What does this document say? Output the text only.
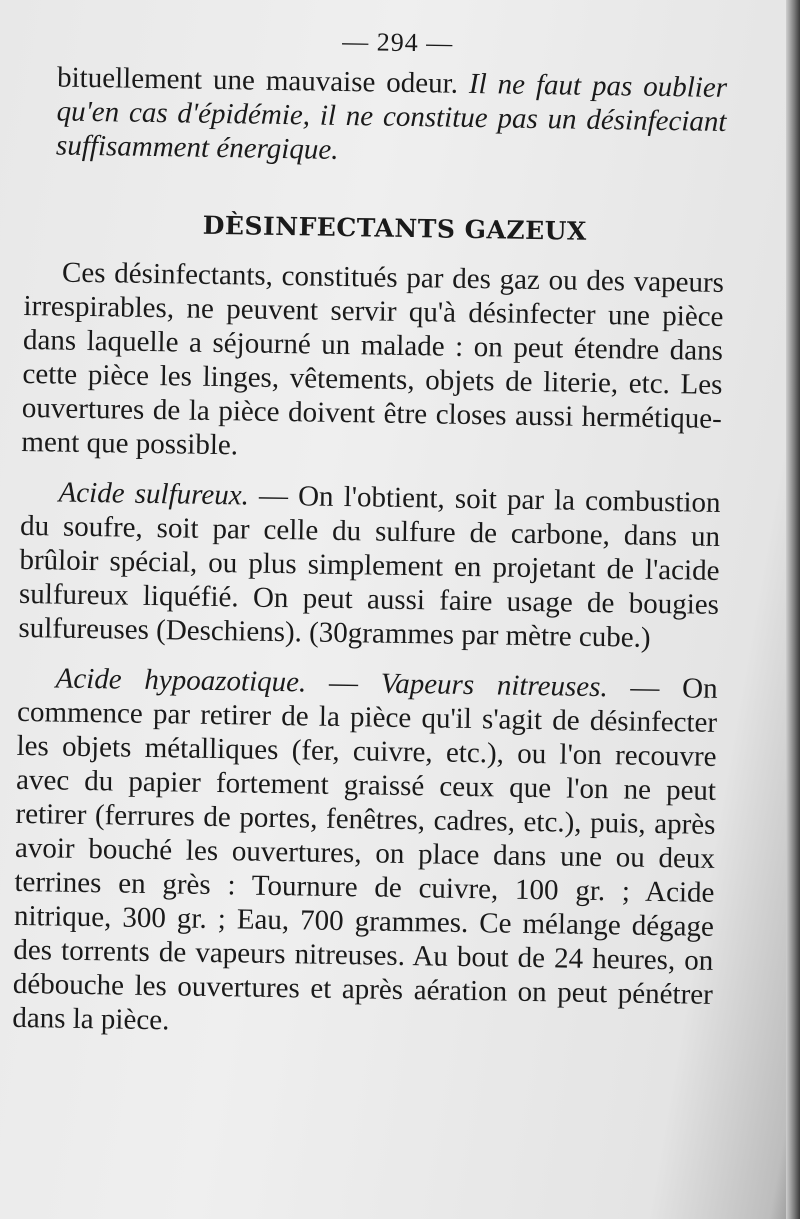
— 294 —

bituellement une mauvaise odeur. Il ne faut pas oublier qu'en cas d'épidémie, il ne constitue pas un désinfeciant suffisamment énergique.

DÈSINFECTANTS GAZEUX

Ces désinfectants, constitués par des gaz ou des vapeurs irrespirables, ne peuvent servir qu'à désinfecter une pièce dans laquelle a séjourné un malade : on peut étendre dans cette pièce les linges, vêtements, objets de literie, etc. Les ouvertures de la pièce doivent être closes aussi hermétiquement que possible.

Acide sulfureux. — On l'obtient, soit par la combustion du soufre, soit par celle du sulfure de carbone, dans un brûloir spécial, ou plus simplement en projetant de l'acide sulfureux liquéfié. On peut aussi faire usage de bougies sulfureuses (Deschiens). (30grammes par mètre cube.)

Acide hypoazotique. — Vapeurs nitreuses. — On commence par retirer de la pièce qu'il s'agit de désinfecter les objets métalliques (fer, cuivre, etc.), ou l'on recouvre avec du papier fortement graissé ceux que l'on ne peut retirer (ferrures de portes, fenêtres, cadres, etc.), puis, après avoir bouché les ouvertures, on place dans une ou deux terrines en grès : Tournure de cuivre, 100 gr. ; Acide nitrique, 300 gr. ; Eau, 700 grammes. Ce mélange dégage des torrents de vapeurs nitreuses. Au bout de 24 heures, on débouche les ouvertures et après aération on peut pénétrer dans la pièce.
